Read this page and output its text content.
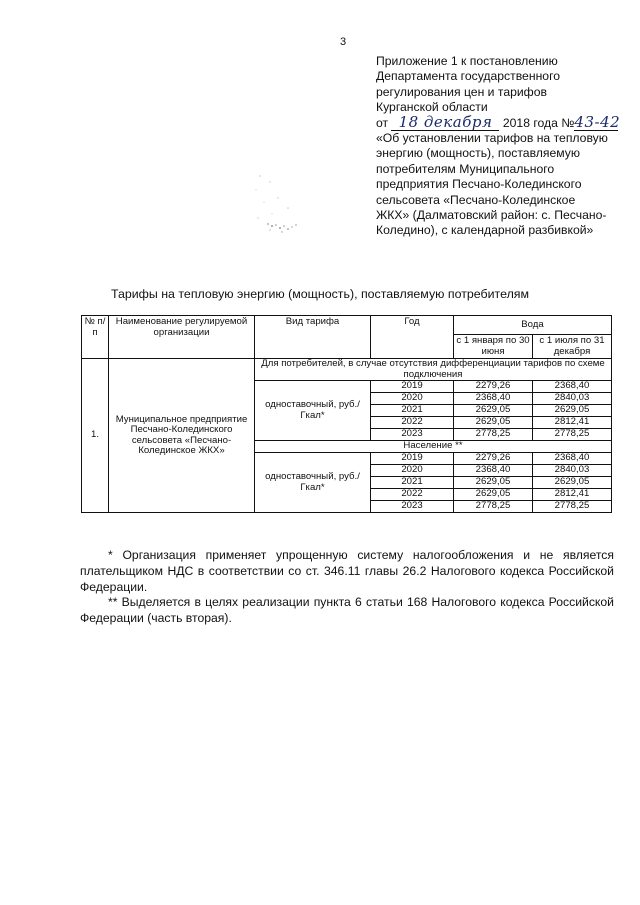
3
Приложение 1 к постановлению
Департамента государственного
регулирования цен и тарифов
Курганской области
от 18 декабря 2018 года №43-42
«Об установлении тарифов на тепловую
энергию (мощность), поставляемую
потребителям Муниципального
предприятия Песчано-Колединского
сельсовета «Песчано-Колединское
ЖКХ» (Далматовский район: с. Песчано-
Коледино), с календарной разбивкой»
Тарифы на тепловую энергию (мощность), поставляемую потребителям
№ п/п	Наименование регулируемой организации	Вид тарифа	Год	Вода	
				с 1 января по 30 июня	с 1 июля по 31 декабря
1.	Муниципальное предприятие Песчано-Колединского сельсовета «Песчано-Колединское ЖКХ»	Для потребителей, в случае отсутствия дифференциации тарифов по схеме подключения			
		одноставочный, руб./Гкал*	2019	2279,26	2368,40
			2020	2368,40	2840,03
			2021	2629,05	2629,05
			2022	2629,05	2812,41
			2023	2778,25	2778,25
		Население **			
		одноставочный, руб./Гкал*	2019	2279,26	2368,40
			2020	2368,40	2840,03
			2021	2629,05	2629,05
			2022	2629,05	2812,41
			2023	2778,25	2778,25

* Организация применяет упрощенную систему налогообложения и не является плательщиком НДС в соответствии со ст. 346.11 главы 26.2 Налогового кодекса Российской Федерации.

** Выделяется в целях реализации пункта 6 статьи 168 Налогового кодекса Российской Федерации (часть вторая).
